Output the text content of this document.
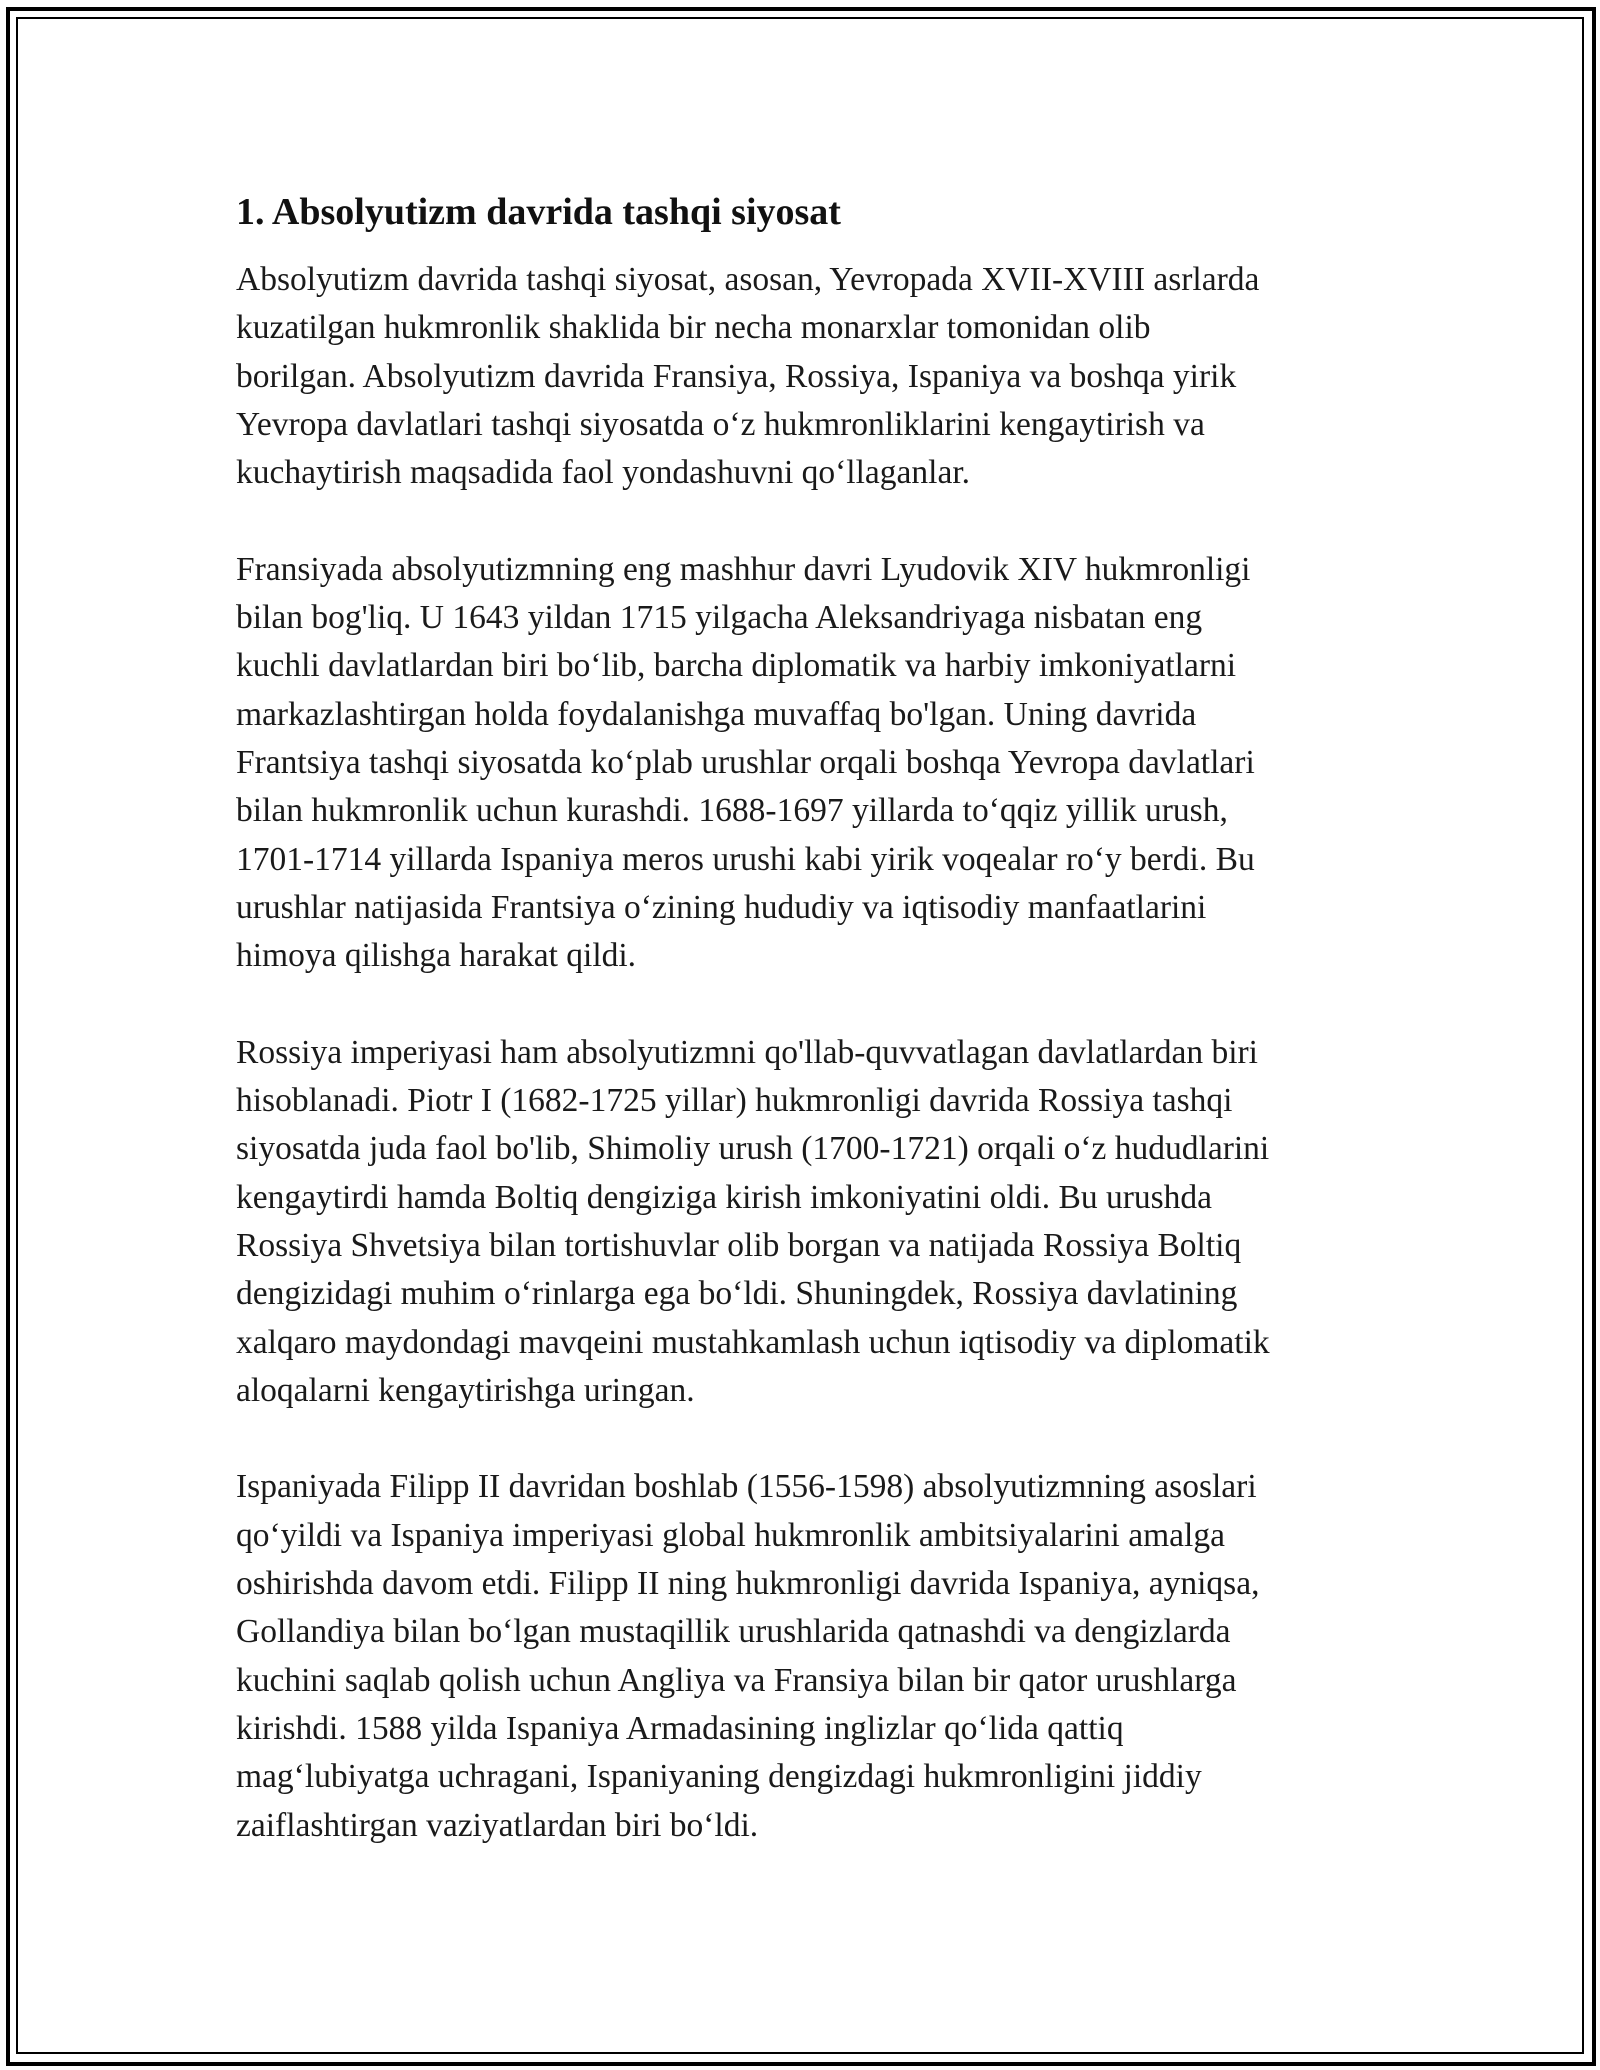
1. Absolyutizm davrida tashqi siyosat

Absolyutizm davrida tashqi siyosat, asosan, Yevropada XVII-XVIII asrlarda
kuzatilgan hukmronlik shaklida bir necha monarxlar tomonidan olib
borilgan. Absolyutizm davrida Fransiya, Rossiya, Ispaniya va boshqa yirik
Yevropa davlatlari tashqi siyosatda o‘z hukmronliklarini kengaytirish va
kuchaytirish maqsadida faol yondashuvni qo‘llaganlar.

Fransiyada absolyutizmning eng mashhur davri Lyudovik XIV hukmronligi
bilan bog'liq. U 1643 yildan 1715 yilgacha Aleksandriyaga nisbatan eng
kuchli davlatlardan biri bo‘lib, barcha diplomatik va harbiy imkoniyatlarni
markazlashtirgan holda foydalanishga muvaffaq bo'lgan. Uning davrida
Frantsiya tashqi siyosatda ko‘plab urushlar orqali boshqa Yevropa davlatlari
bilan hukmronlik uchun kurashdi. 1688-1697 yillarda to‘qqiz yillik urush,
1701-1714 yillarda Ispaniya meros urushi kabi yirik voqealar ro‘y berdi. Bu
urushlar natijasida Frantsiya o‘zining hududiy va iqtisodiy manfaatlarini
himoya qilishga harakat qildi.

Rossiya imperiyasi ham absolyutizmni qo'llab-quvvatlagan davlatlardan biri
hisoblanadi. Piotr I (1682-1725 yillar) hukmronligi davrida Rossiya tashqi
siyosatda juda faol bo'lib, Shimoliy urush (1700-1721) orqali o‘z hududlarini
kengaytirdi hamda Boltiq dengiziga kirish imkoniyatini oldi. Bu urushda
Rossiya Shvetsiya bilan tortishuvlar olib borgan va natijada Rossiya Boltiq
dengizidagi muhim o‘rinlarga ega bo‘ldi. Shuningdek, Rossiya davlatining
xalqaro maydondagi mavqeini mustahkamlash uchun iqtisodiy va diplomatik
aloqalarni kengaytirishga uringan.

Ispaniyada Filipp II davridan boshlab (1556-1598) absolyutizmning asoslari
qo‘yildi va Ispaniya imperiyasi global hukmronlik ambitsiyalarini amalga
oshirishda davom etdi. Filipp II ning hukmronligi davrida Ispaniya, ayniqsa,
Gollandiya bilan bo‘lgan mustaqillik urushlarida qatnashdi va dengizlarda
kuchini saqlab qolish uchun Angliya va Fransiya bilan bir qator urushlarga
kirishdi. 1588 yilda Ispaniya Armadasining inglizlar qo‘lida qattiq
mag‘lubiyatga uchragani, Ispaniyaning dengizdagi hukmronligini jiddiy
zaiflashtirgan vaziyatlardan biri bo‘ldi.
